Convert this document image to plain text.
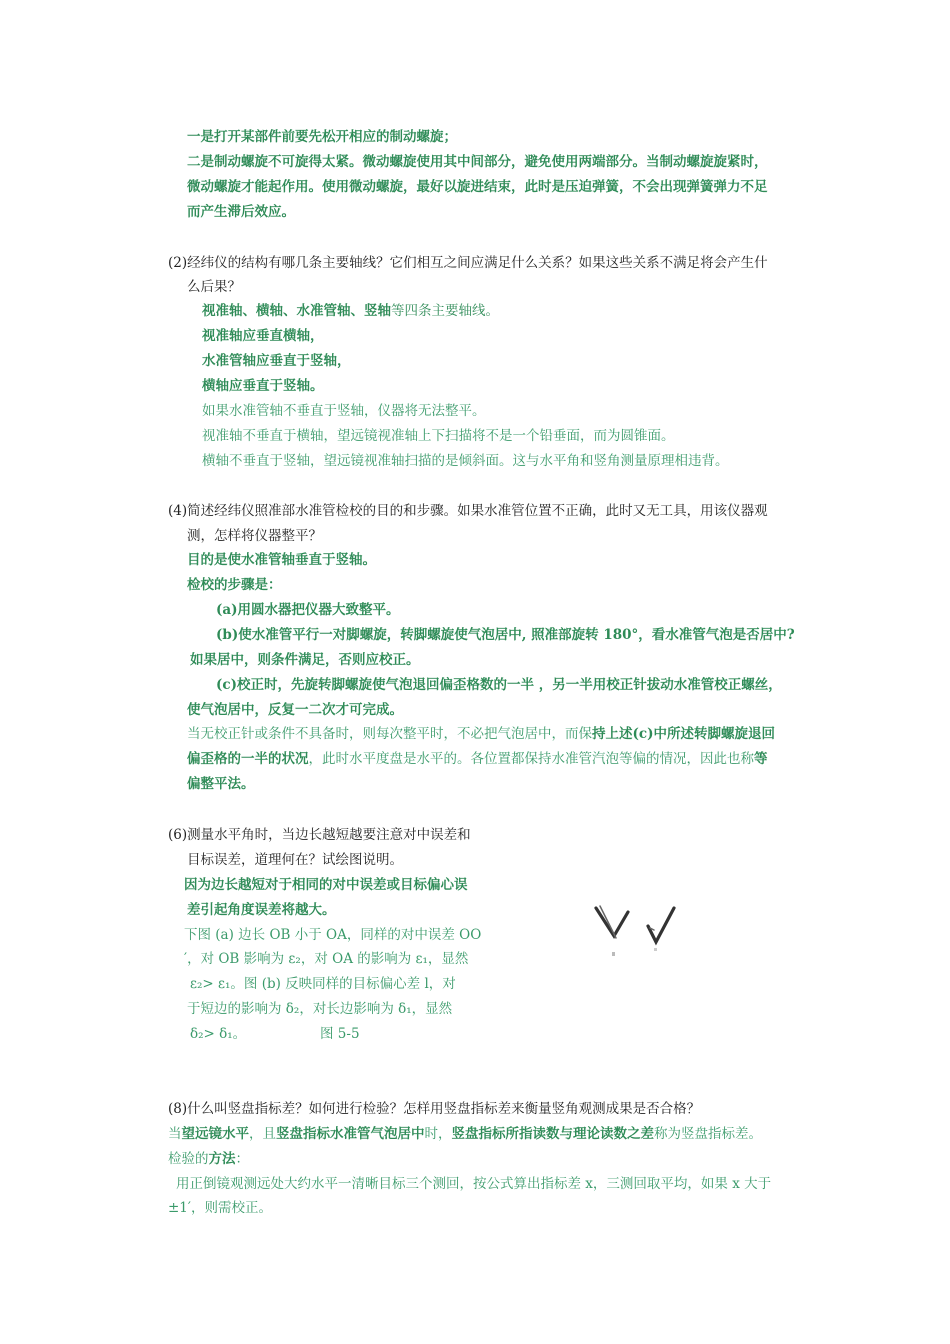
一是打开某部件前要先松开相应的制动螺旋；
二是制动螺旋不可旋得太紧。微动螺旋使用其中间部分，避免使用两端部分。当制动螺旋旋紧时，
微动螺旋才能起作用。使用微动螺旋，最好以旋进结束，此时是压迫弹簧，不会出现弹簧弹力不足
而产生滞后效应。
(2)经纬仪的结构有哪几条主要轴线？它们相互之间应满足什么关系？如果这些关系不满足将会产生什
么后果？
视准轴、横轴、水准管轴、竖轴等四条主要轴线。
视准轴应垂直横轴，
水准管轴应垂直于竖轴，
横轴应垂直于竖轴。
如果水准管轴不垂直于竖轴，仪器将无法整平。
视准轴不垂直于横轴，望远镜视准轴上下扫描将不是一个铅垂面，而为圆锥面。
横轴不垂直于竖轴，望远镜视准轴扫描的是倾斜面。这与水平角和竖角测量原理相违背。
(4)简述经纬仪照准部水准管检校的目的和步骤。如果水准管位置不正确，此时又无工具，用该仪器观
测，怎样将仪器整平？
目的是使水准管轴垂直于竖轴。
检校的步骤是：
(a)用圆水器把仪器大致整平。
(b)使水准管平行一对脚螺旋，转脚螺旋使气泡居中, 照准部旋转 180°，看水准管气泡是否居中?
如果居中，则条件满足，否则应校正。
(c)校正时，先旋转脚螺旋使气泡退回偏歪格数的一半 ，另一半用校正针拔动水准管校正螺丝，
使气泡居中，反复一二次才可完成。
当无校正针或条件不具备时，则每次整平时，不必把气泡居中，而保持上述(c)中所述转脚螺旋退回
偏歪格的一半的状况，此时水平度盘是水平的。各位置都保持水准管汽泡等偏的情况，因此也称等
偏整平法。
(6)测量水平角时，当边长越短越要注意对中误差和
目标误差，道理何在？试绘图说明。
因为边长越短对于相同的对中误差或目标偏心误
差引起角度误差将越大。
下图 (a) 边长 OB 小于 OA，同样的对中误差 OO
′，对 OB 影响为 ε₂，对 OA 的影响为 ε₁，显然
ε₂> ε₁。图 (b) 反映同样的目标偏心差 l，对
于短边的影响为 δ₂，对长边影响为 δ₁，显然
δ₂> δ₁。	图 5-5
(8)什么叫竖盘指标差？如何进行检验？怎样用竖盘指标差来衡量竖角观测成果是否合格？
当望远镜水平，且竖盘指标水准管气泡居中时，竖盘指标所指读数与理论读数之差称为竖盘指标差。
检验的方法：
用正倒镜观测远处大约水平一清晰目标三个测回，按公式算出指标差 x，三测回取平均，如果 x 大于
±1′，则需校正。
